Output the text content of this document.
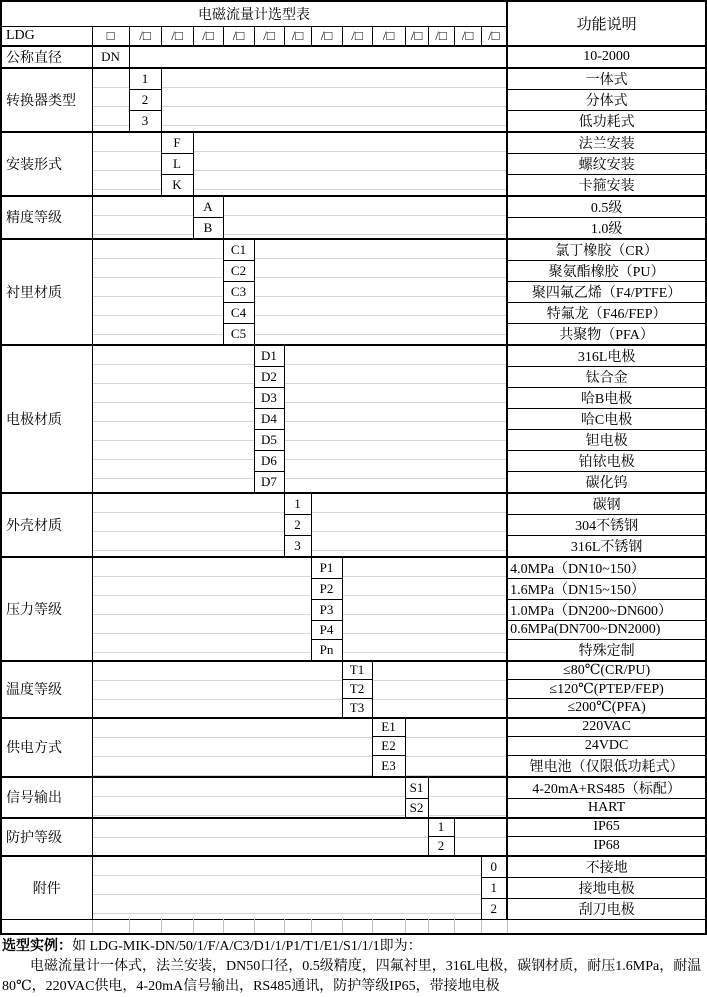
电磁流量计选型表															功能说明
LDG	□	/□	/□	/□	/□	/□	/□	/□	/□	/□	/□	/□	/□	/□	
公称直径	DN														10-2000
转换器类型		1													一体式
		2													分体式
		3													低功耗式
安装形式			F												法兰安装
			L												螺纹安装
			K												卡箍安装
精度等级				A											0.5级
				B											1.0级
衬里材质					C1										氯丁橡胶（CR）
					C2										聚氨酯橡胶（PU）
					C3										聚四氟乙烯（F4/PTFE）
					C4										特氟龙（F46/FEP）
					C5										共聚物（PFA）
电极材质						D1									316L电极
						D2									钛合金
						D3									哈B电极
						D4									哈C电极
						D5									钽电极
						D6									铂铱电极
						D7									碳化钨
外壳材质							1								碳钢
							2								304不锈钢
							3								316L不锈钢
压力等级								P1							4.0MPa（DN10~150）
								P2							1.6MPa（DN15~150）
								P3							1.0MPa（DN200~DN600）
								P4							0.6MPa(DN700~DN2000)
								Pn							特殊定制
温度等级									T1						≤80℃(CR/PU)
									T2						≤120℃(PTEP/FEP)
									T3						≤200℃(PFA)
供电方式										E1					220VAC
										E2					24VDC
										E3					锂电池（仅限低功耗式）
信号输出											S1				4-20mA+RS485（标配）
											S2				HART
防护等级												1			IP65
												2			IP68
附件														0	不接地
														1	接地电极
														2	刮刀电极

选型实例：如 LDG-MIK-DN/50/1/F/A/C3/D1/1/P1/T1/E1/S1/1/1即为：

电磁流量计一体式，法兰安装，DN50口径，0.5级精度，四氟衬里，316L电极，碳钢材质，耐压1.6MPa，耐温80℃，220VAC供电，4-20mA信号输出，RS485通讯，防护等级IP65，带接地电极
